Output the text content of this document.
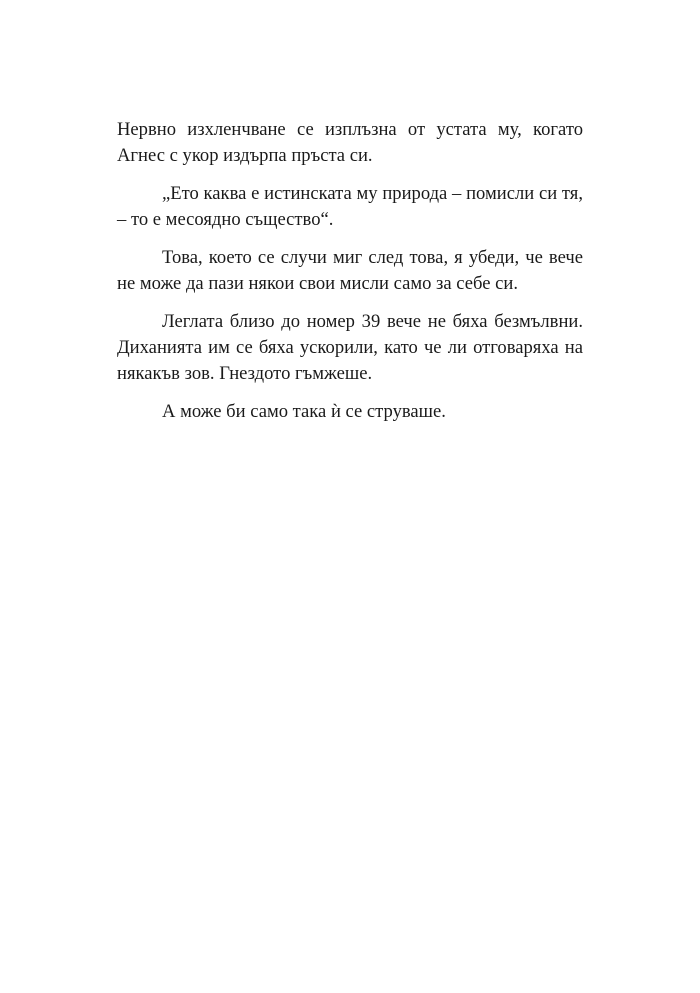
Нервно изхленчване се изплъзна от устата му, когато Агнес с укор издърпа пръста си.

„Ето каква е истинската му природа – помисли си тя, – то е месоядно същество“.

Това, което се случи миг след това, я убеди, че вече не може да пази някои свои мисли само за себе си.

Леглата близо до номер 39 вече не бяха безмълвни. Диханията им се бяха ускорили, като че ли отговаряха на някакъв зов. Гнездото гъмжеше.

А може би само така ѝ се струваше.
